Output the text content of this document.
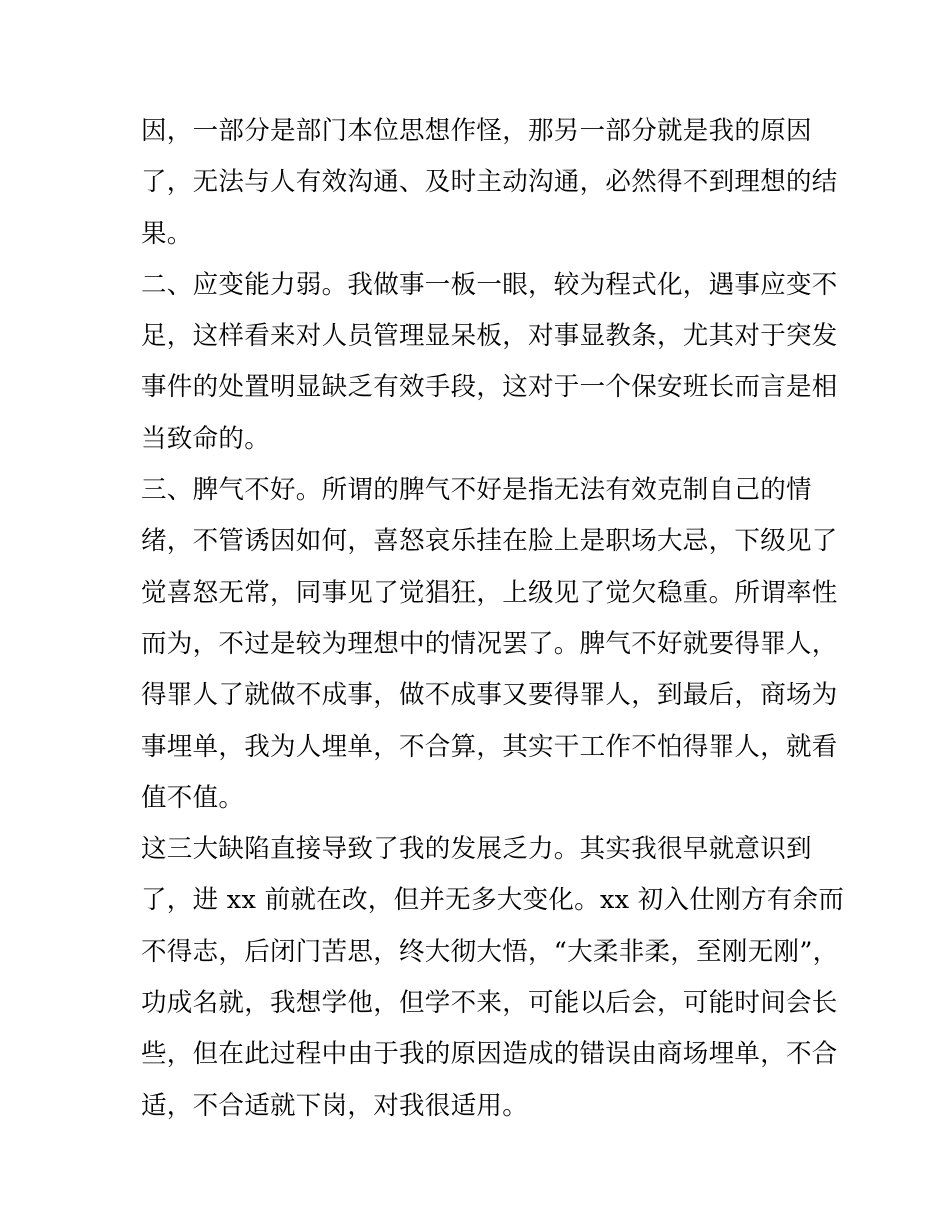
因，一部分是部门本位思想作怪，那另一部分就是我的原因
了，无法与人有效沟通、及时主动沟通，必然得不到理想的结
果。
二、应变能力弱。我做事一板一眼，较为程式化，遇事应变不
足，这样看来对人员管理显呆板，对事显教条，尤其对于突发
事件的处置明显缺乏有效手段，这对于一个保安班长而言是相
当致命的。
三、脾气不好。所谓的脾气不好是指无法有效克制自己的情
绪，不管诱因如何，喜怒哀乐挂在脸上是职场大忌，下级见了
觉喜怒无常，同事见了觉猖狂，上级见了觉欠稳重。所谓率性
而为，不过是较为理想中的情况罢了。脾气不好就要得罪人，
得罪人了就做不成事，做不成事又要得罪人，到最后，商场为
事埋单，我为人埋单，不合算，其实干工作不怕得罪人，就看
值不值。
这三大缺陷直接导致了我的发展乏力。其实我很早就意识到
了，进 xx 前就在改，但并无多大变化。xx 初入仕刚方有余而
不得志，后闭门苦思，终大彻大悟，“大柔非柔，至刚无刚”，
功成名就，我想学他，但学不来，可能以后会，可能时间会长
些，但在此过程中由于我的原因造成的错误由商场埋单，不合
适，不合适就下岗，对我很适用。
